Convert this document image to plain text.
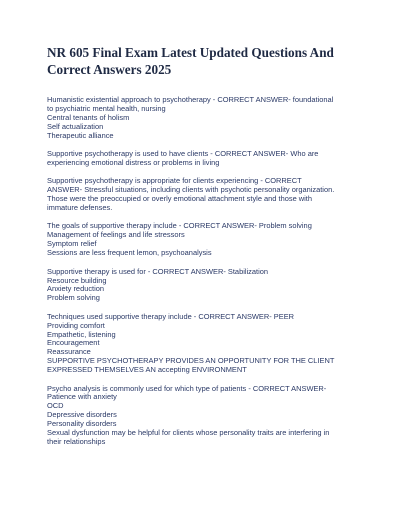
NR 605 Final Exam Latest Updated Questions And
Correct Answers 2025

Humanistic existential approach to psychotherapy - CORRECT ANSWER- foundational

to psychiatric mental health, nursing

Central tenants of holism

Self actualization

Therapeutic alliance

Supportive psychotherapy is used to have clients - CORRECT ANSWER- Who are

experiencing emotional distress or problems in living

Supportive psychotherapy is appropriate for clients experiencing - CORRECT

ANSWER- Stressful situations, including clients with psychotic personality organization.

Those were the preoccupied or overly emotional attachment style and those with

immature defenses.

The goals of supportive therapy include - CORRECT ANSWER- Problem solving

Management of feelings and life stressors

Symptom relief

Sessions are less frequent lemon, psychoanalysis

Supportive therapy is used for - CORRECT ANSWER- Stabilization

Resource building

Anxiety reduction

Problem solving

Techniques used supportive therapy include - CORRECT ANSWER- PEER

Providing comfort

Empathetic, listening

Encouragement

Reassurance

SUPPORTIVE PSYCHOTHERAPY PROVIDES AN OPPORTUNITY FOR THE CLIENT

EXPRESSED THEMSELVES AN accepting ENVIRONMENT

Psycho analysis is commonly used for which type of patients - CORRECT ANSWER-

Patience with anxiety

OCD

Depressive disorders

Personality disorders

Sexual dysfunction may be helpful for clients whose personality traits are interfering in

their relationships
